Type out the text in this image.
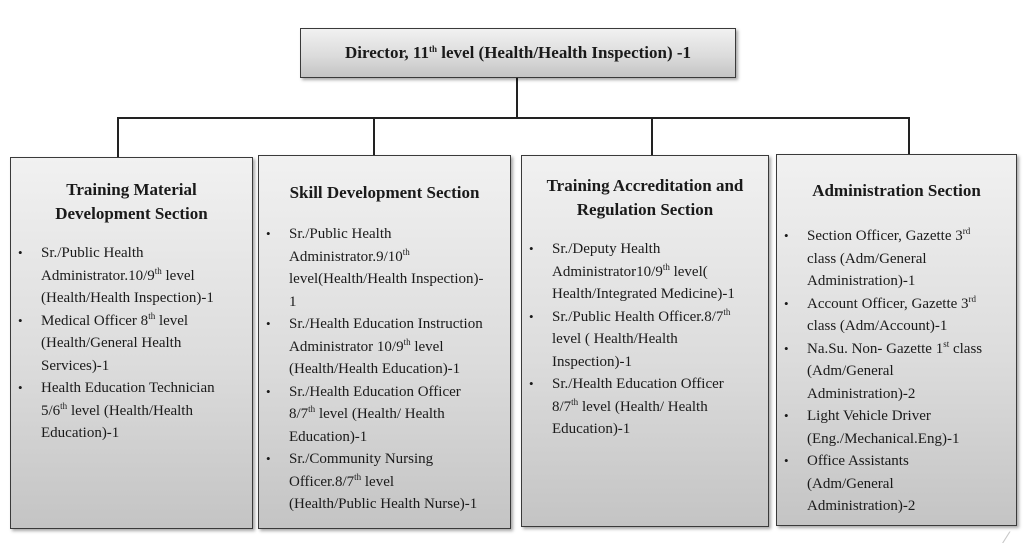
Director, 11th level (Health/Health Inspection) -1
Training Material
Development Section
• Sr./Public Health
Administrator.10/9th level
(Health/Health Inspection)-1
• Medical Officer 8th level
(Health/General Health
Services)-1
• Health Education Technician
5/6th level (Health/Health
Education)-1
Skill Development Section
• Sr./Public Health
Administrator.9/10th
level(Health/Health Inspection)-
1
• Sr./Health Education Instruction
Administrator 10/9th level
(Health/Health Education)-1
• Sr./Health Education Officer
8/7th level (Health/ Health
Education)-1
• Sr./Community Nursing
Officer.8/7th level
(Health/Public Health Nurse)-1
Training Accreditation and
Regulation Section
• Sr./Deputy Health
Administrator10/9th level(
Health/Integrated Medicine)-1
• Sr./Public Health Officer.8/7th
level ( Health/Health
Inspection)-1
• Sr./Health Education Officer
8/7th level (Health/ Health
Education)-1
Administration Section
• Section Officer, Gazette 3rd
class (Adm/General
Administration)-1
• Account Officer, Gazette 3rd
class (Adm/Account)-1
• Na.Su. Non- Gazette 1st class
(Adm/General
Administration)-2
• Light Vehicle Driver
(Eng./Mechanical.Eng)-1
• Office Assistants
(Adm/General
Administration)-2
⁄
